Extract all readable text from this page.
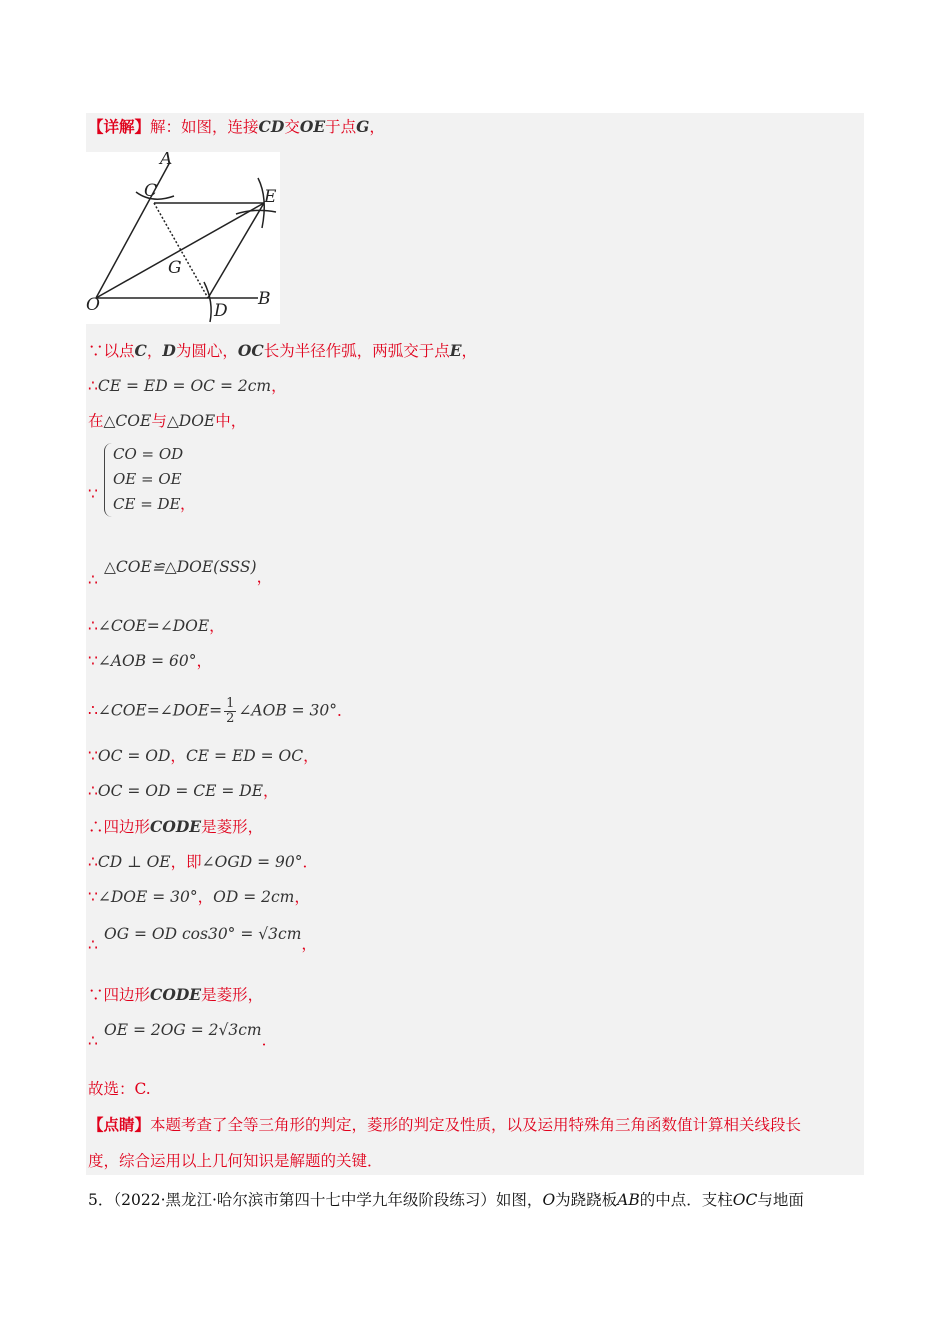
【详解】解：如图，连接CD交OE于点G，
A
C	E
G
O	D
B
∵以点C，D为圆心，OC长为半径作弧，两弧交于点E，
∴CE = ED = OC = 2cm，
在△COE与△DOE中，
∵
CO = OD
OE = OE
CE = DE ，
∴
△COE≌△DOE(SSS)，
∴∠COE=∠DOE，
∵∠AOB = 60°，
∴∠COE=∠DOE= $\frac{1}{2}$ ∠AOB = 30°．
∵OC = OD，CE = ED = OC，
∴OC = OD = CE = DE，
∴四边形CODE是菱形，
∴CD ⊥ OE，即∠OGD = 90°．
∵∠DOE = 30°，OD = 2cm，
∴
OG = OD cos30° = √3cm，
∵四边形CODE是菱形，
∴
OE = 2OG = 2√3cm．
故选：C.
【点睛】本题考查了全等三角形的判定，菱形的判定及性质，以及运用特殊角三角函数值计算相关线段长
度，综合运用以上几何知识是解题的关键．
5．（2022·黑龙江·哈尔滨市第四十七中学九年级阶段练习）如图，O为跷跷板AB的中点．支柱OC与地面
